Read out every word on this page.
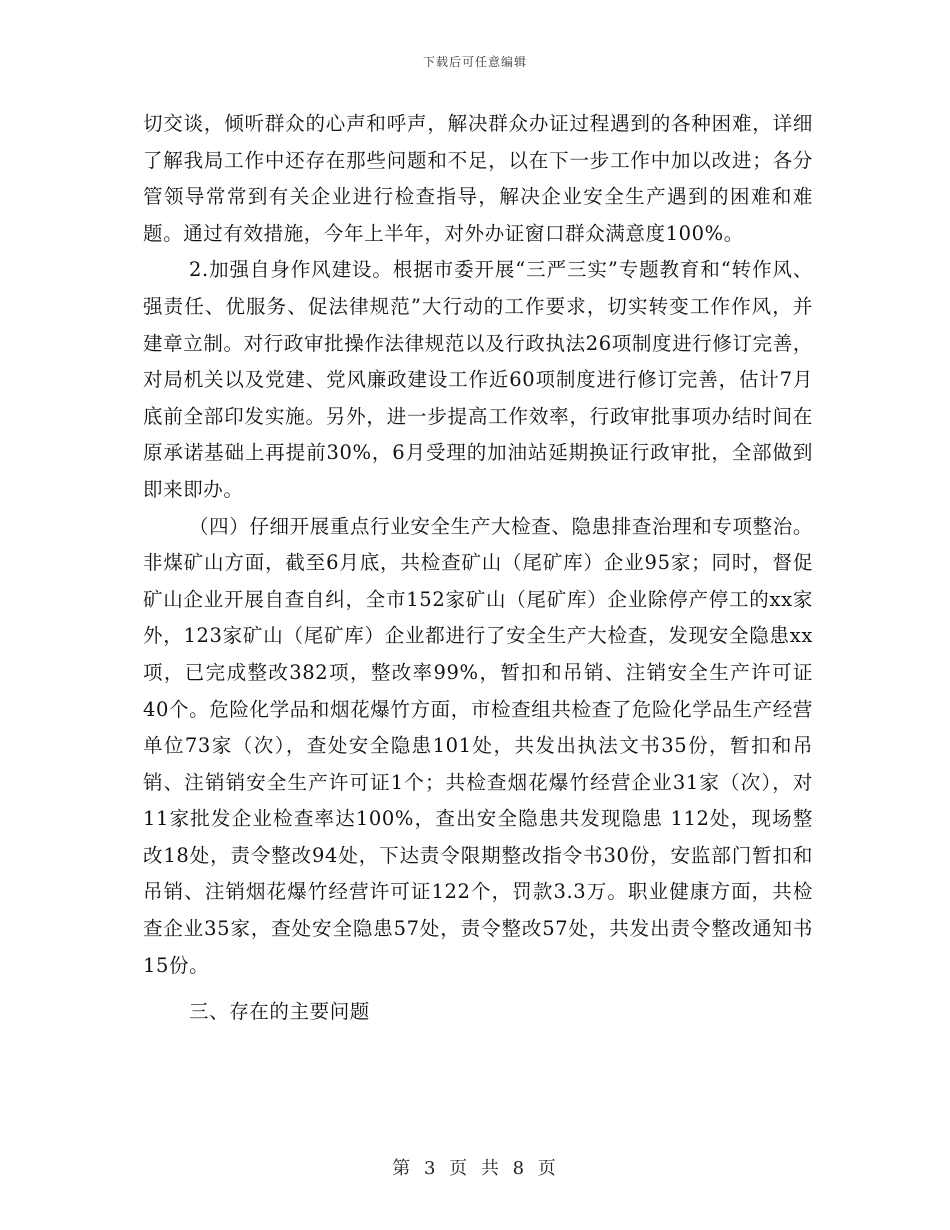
下载后可任意编辑

切交谈，倾听群众的心声和呼声，解决群众办证过程遇到的各种困难，详细了解我局工作中还存在那些问题和不足，以在下一步工作中加以改进；各分管领导常常到有关企业进行检查指导，解决企业安全生产遇到的困难和难题。通过有效措施，今年上半年，对外办证窗口群众满意度100%。

2.加强自身作风建设。根据市委开展“三严三实”专题教育和“转作风、强责任、优服务、促法律规范”大行动的工作要求，切实转变工作作风，并建章立制。对行政审批操作法律规范以及行政执法26项制度进行修订完善，对局机关以及党建、党风廉政建设工作近60项制度进行修订完善，估计7月底前全部印发实施。另外，进一步提高工作效率，行政审批事项办结时间在原承诺基础上再提前30%，6月受理的加油站延期换证行政审批，全部做到即来即办。

（四）仔细开展重点行业安全生产大检查、隐患排查治理和专项整治。非煤矿山方面，截至6月底，共检查矿山（尾矿库）企业95家；同时，督促矿山企业开展自查自纠，全市152家矿山（尾矿库）企业除停产停工的xx家外，123家矿山（尾矿库）企业都进行了安全生产大检查，发现安全隐患xx项，已完成整改382项，整改率99%，暂扣和吊销、注销安全生产许可证40个。危险化学品和烟花爆竹方面，市检查组共检查了危险化学品生产经营单位73家（次），查处安全隐患101处，共发出执法文书35份，暂扣和吊销、注销销安全生产许可证1个；共检查烟花爆竹经营企业31家（次），对11家批发企业检查率达100%，查出安全隐患共发现隐患 112处，现场整改18处，责令整改94处，下达责令限期整改指令书30份，安监部门暂扣和吊销、注销烟花爆竹经营许可证122个，罚款3.3万。职业健康方面，共检查企业35家，查处安全隐患57处，责令整改57处，共发出责令整改通知书15份。

三、存在的主要问题

第 3 页 共 8 页
